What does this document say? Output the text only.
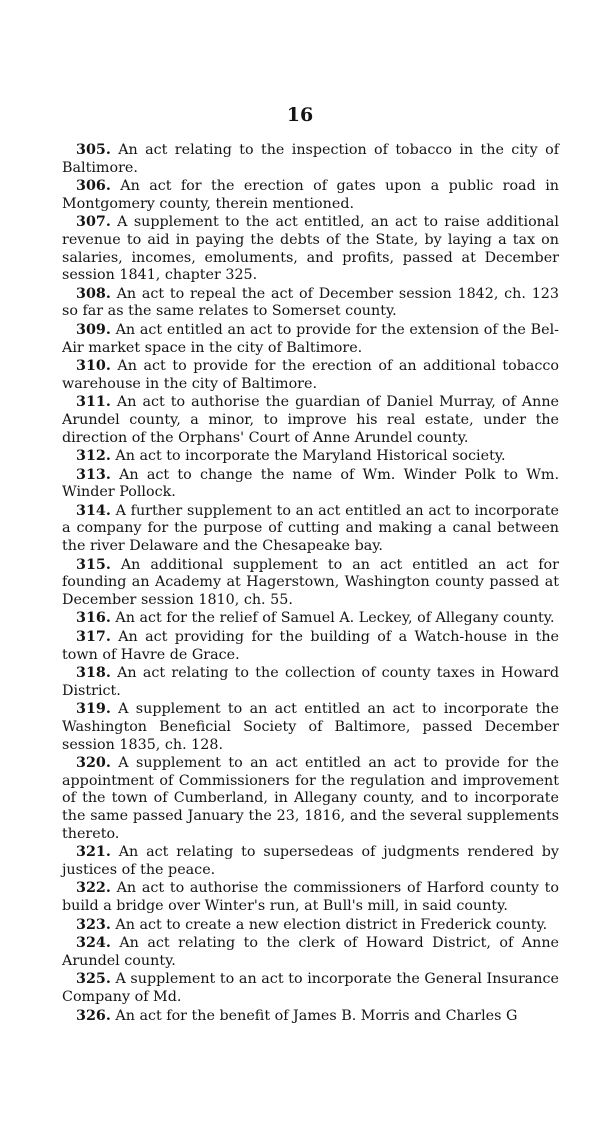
16

305. An act relating to the inspection of tobacco in the city of Baltimore.

306. An act for the erection of gates upon a public road in Montgomery county, therein mentioned.

307. A supplement to the act entitled, an act to raise additional revenue to aid in paying the debts of the State, by laying a tax on salaries, incomes, emoluments, and profits, passed at December session 1841, chapter 325.

308. An act to repeal the act of December session 1842, ch. 123 so far as the same relates to Somerset county.

309. An act entitled an act to provide for the extension of the Bel-Air market space in the city of Baltimore.

310. An act to provide for the erection of an additional tobacco warehouse in the city of Baltimore.

311. An act to authorise the guardian of Daniel Murray, of Anne Arundel county, a minor, to improve his real estate, under the direction of the Orphans' Court of Anne Arundel county.

312. An act to incorporate the Maryland Historical society.

313. An act to change the name of Wm. Winder Polk to Wm. Winder Pollock.

314. A further supplement to an act entitled an act to incorporate a company for the purpose of cutting and making a canal between the river Delaware and the Chesapeake bay.

315. An additional supplement to an act entitled an act for founding an Academy at Hagerstown, Washington county passed at December session 1810, ch. 55.

316. An act for the relief of Samuel A. Leckey, of Allegany county.

317. An act providing for the building of a Watch-house in the town of Havre de Grace.

318. An act relating to the collection of county taxes in Howard District.

319. A supplement to an act entitled an act to incorporate the Washington Beneficial Society of Baltimore, passed December session 1835, ch. 128.

320. A supplement to an act entitled an act to provide for the appointment of Commissioners for the regulation and improvement of the town of Cumberland, in Allegany county, and to incorporate the same passed January the 23, 1816, and the several supplements thereto.

321. An act relating to supersedeas of judgments rendered by justices of the peace.

322. An act to authorise the commissioners of Harford county to build a bridge over Winter's run, at Bull's mill, in said county.

323. An act to create a new election district in Frederick county.

324. An act relating to the clerk of Howard District, of Anne Arundel county.

325. A supplement to an act to incorporate the General Insurance Company of Md.

326. An act for the benefit of James B. Morris and Charles G
